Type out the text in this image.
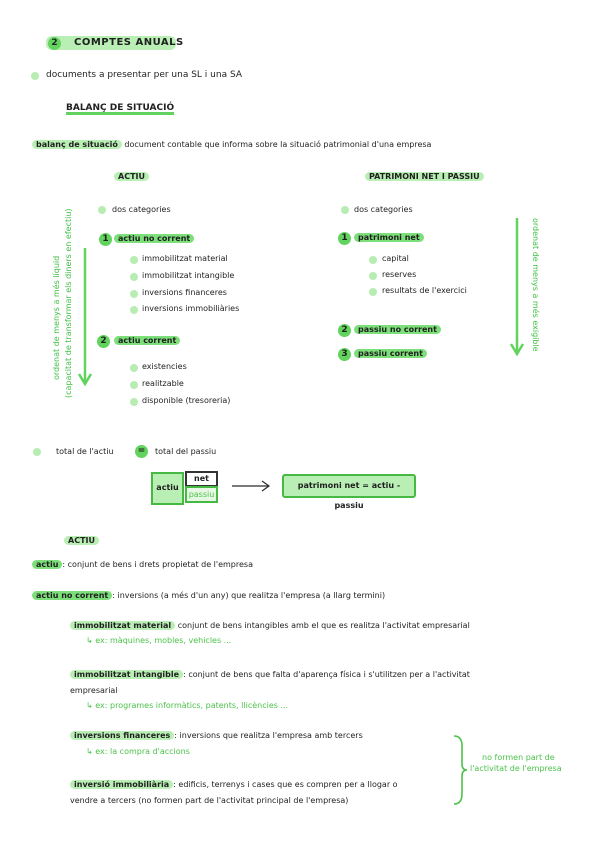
2	COMPTES ANUALS
documents a presentar per una SL i una SA
BALANÇ DE SITUACIÓ
balanç de situació document contable que informa sobre la situació patrimonial d'una empresa
ACTIU
dos categories
1	actiu no corrent
immobilitzat material
immobilitzat intangible
inversions financeres
inversions immobiliàries
2	actiu corrent
existencies
realitzable
disponible (tresoreria)
ordenat de menys a més líquid (capacitat de transformar els diners en efectiu)
PATRIMONI NET I PASSIU
dos categories
1	patrimoni net
capital
reserves
resultats de l'exercici
2	passiu no corrent
3	passiu corrent
ordenat de menys a més exigible
total de l'actiu	=	total del passiu
actiu
net
passiu
patrimoni net = actiu - passiu
ACTIU
actiu : conjunt de bens i drets propietat de l'empresa
actiu no corrent : inversions (a més d'un any) que realitza l'empresa (a llarg termini)
immobilitzat material conjunt de bens intangibles amb el que es realitza l'activitat empresarial
↳ ex: màquines, mobles, vehicles ...
immobilitzat intangible : conjunt de bens que falta d'aparença física i s'utilitzen per a l'activitat
empresarial
↳ ex: programes informàtics, patents, llicències ...
inversions financeres : inversions que realitza l'empresa amb tercers
↳ ex: la compra d'accions
inversió immobiliària : edificis, terrenys i cases que es compren per a llogar o
vendre a tercers (no formen part de l'activitat principal de l'empresa)
no formen part de
l'activitat de l'empresa
